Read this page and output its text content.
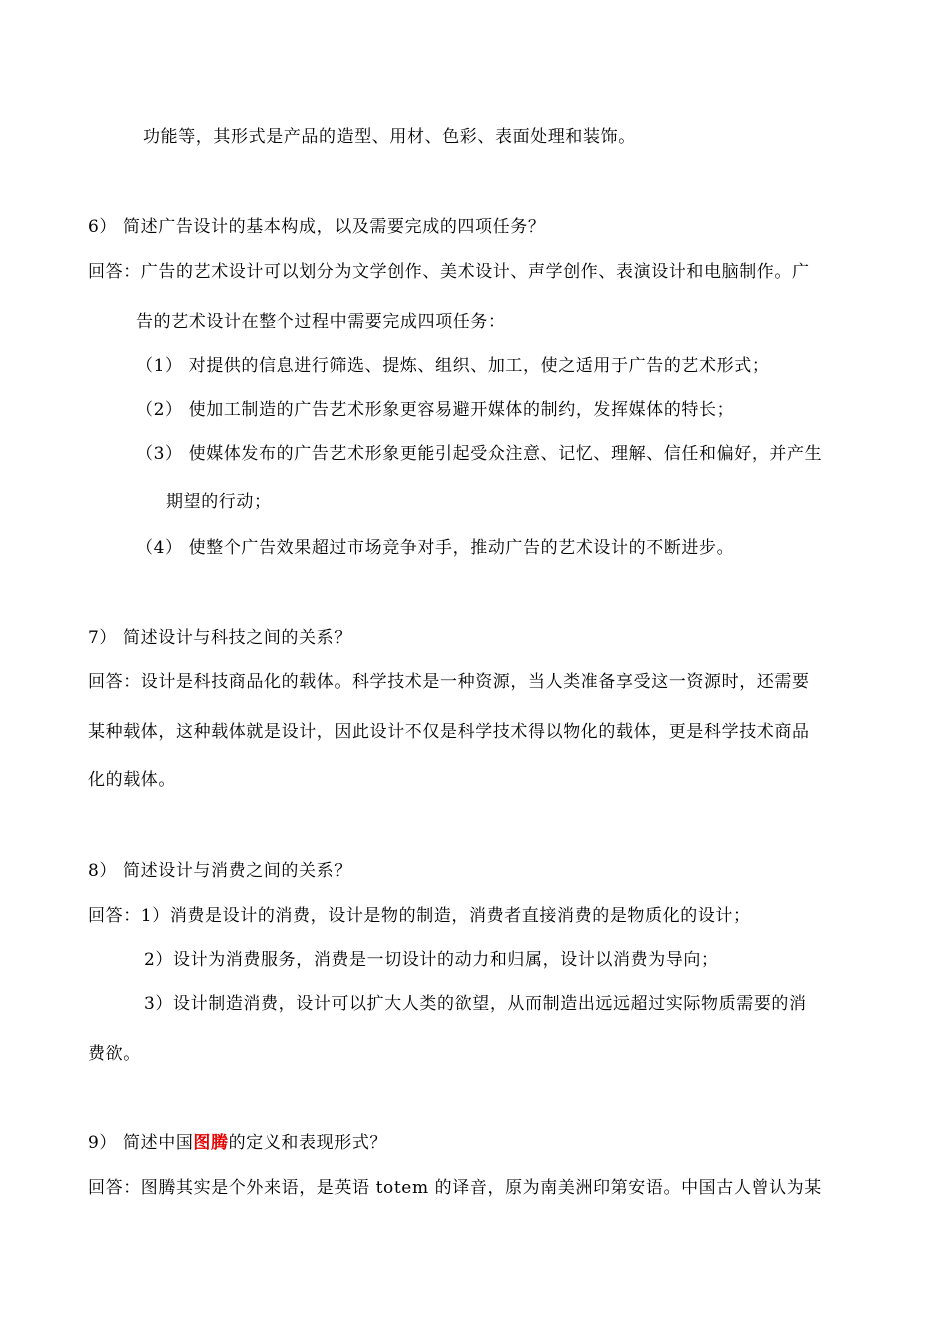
功能等，其形式是产品的造型、用材、色彩、表面处理和装饰。
6） 简述广告设计的基本构成，以及需要完成的四项任务？
回答：广告的艺术设计可以划分为文学创作、美术设计、声学创作、表演设计和电脑制作。广
告的艺术设计在整个过程中需要完成四项任务：
（1） 对提供的信息进行筛选、提炼、组织、加工，使之适用于广告的艺术形式；
（2） 使加工制造的广告艺术形象更容易避开媒体的制约，发挥媒体的特长；
（3） 使媒体发布的广告艺术形象更能引起受众注意、记忆、理解、信任和偏好，并产生
期望的行动；
（4） 使整个广告效果超过市场竞争对手，推动广告的艺术设计的不断进步。
7） 简述设计与科技之间的关系？
回答：设计是科技商品化的载体。科学技术是一种资源，当人类准备享受这一资源时，还需要
某种载体，这种载体就是设计，因此设计不仅是科学技术得以物化的载体，更是科学技术商品
化的载体。
8） 简述设计与消费之间的关系？
回答：1）消费是设计的消费，设计是物的制造，消费者直接消费的是物质化的设计；
2）设计为消费服务，消费是一切设计的动力和归属，设计以消费为导向；
3）设计制造消费，设计可以扩大人类的欲望，从而制造出远远超过实际物质需要的消
费欲。
9） 简述中国图腾的定义和表现形式？
回答：图腾其实是个外来语，是英语 totem 的译音，原为南美洲印第安语。中国古人曾认为某
